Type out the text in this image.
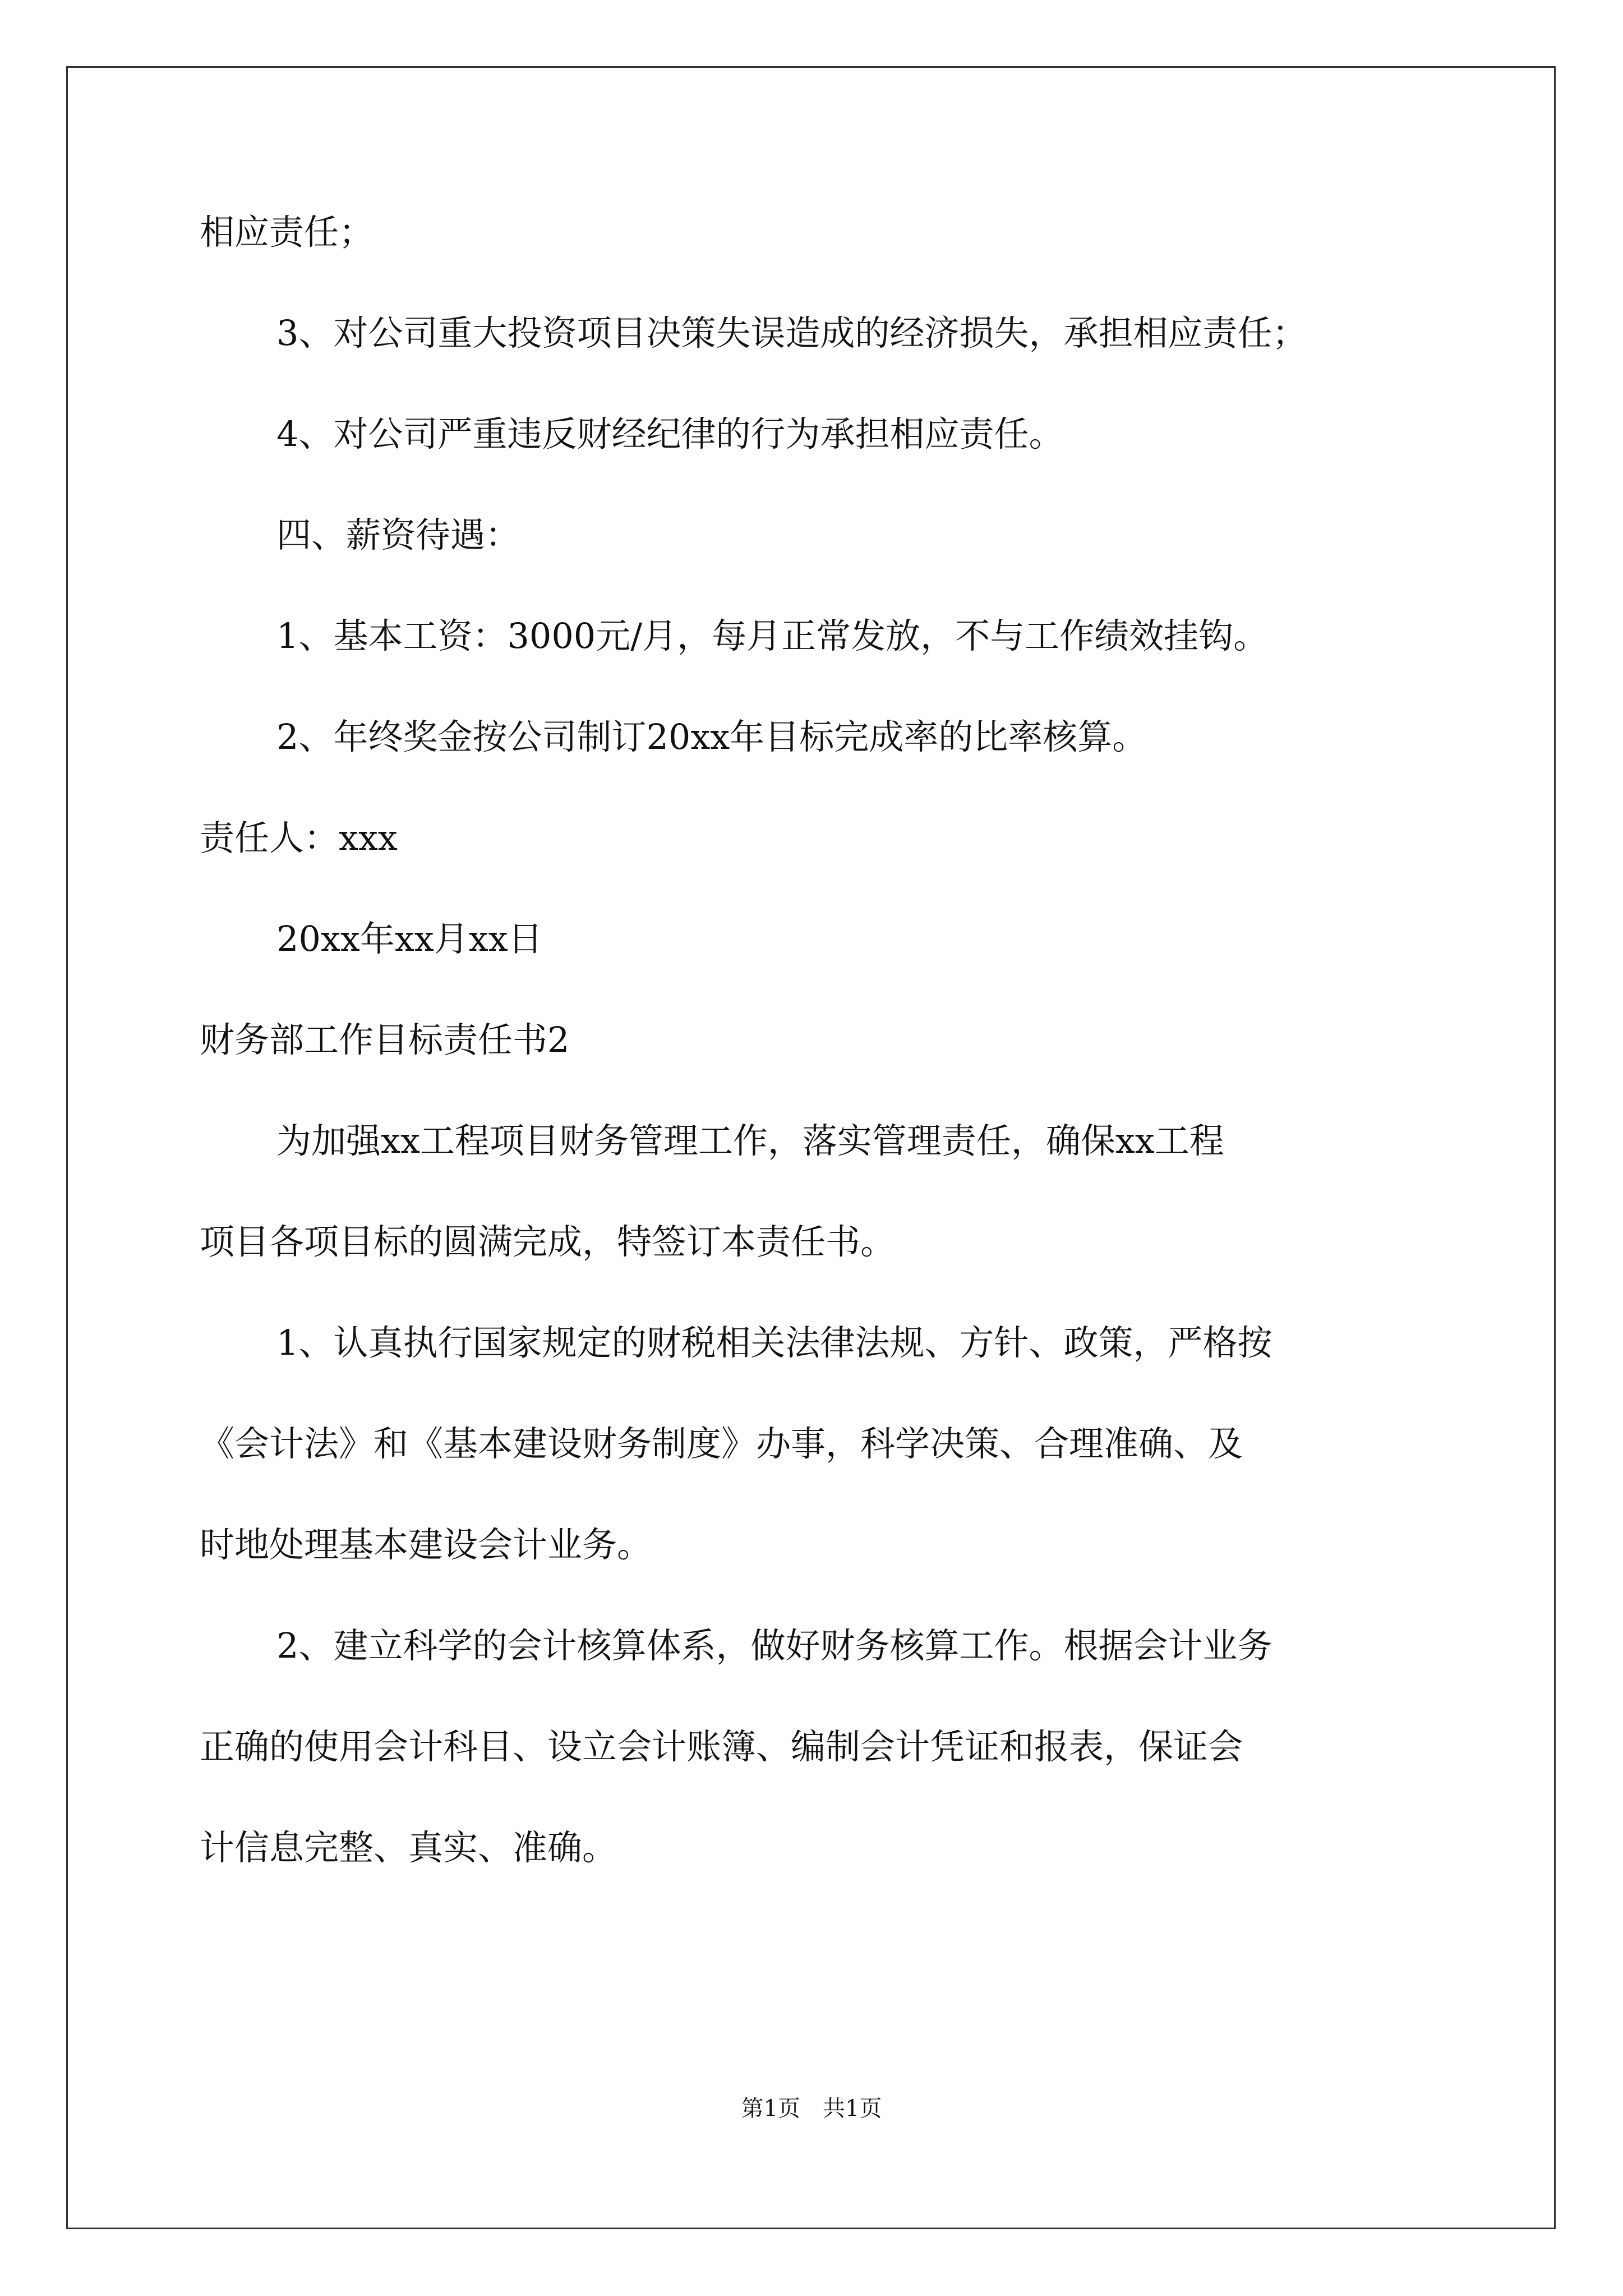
相应责任；
3、对公司重大投资项目决策失误造成的经济损失，承担相应责任；
4、对公司严重违反财经纪律的行为承担相应责任。
四、薪资待遇：
1、基本工资：3000元/月，每月正常发放，不与工作绩效挂钩。
2、年终奖金按公司制订20xx年目标完成率的比率核算。
责任人：xxx
20xx年xx月xx日
财务部工作目标责任书2
为加强xx工程项目财务管理工作，落实管理责任，确保xx工程
项目各项目标的圆满完成，特签订本责任书。
1、认真执行国家规定的财税相关法律法规、方针、政策，严格按
《会计法》和《基本建设财务制度》办事，科学决策、合理准确、及
时地处理基本建设会计业务。
2、建立科学的会计核算体系，做好财务核算工作。根据会计业务
正确的使用会计科目、设立会计账簿、编制会计凭证和报表，保证会
计信息完整、真实、准确。
第1页　共1页
